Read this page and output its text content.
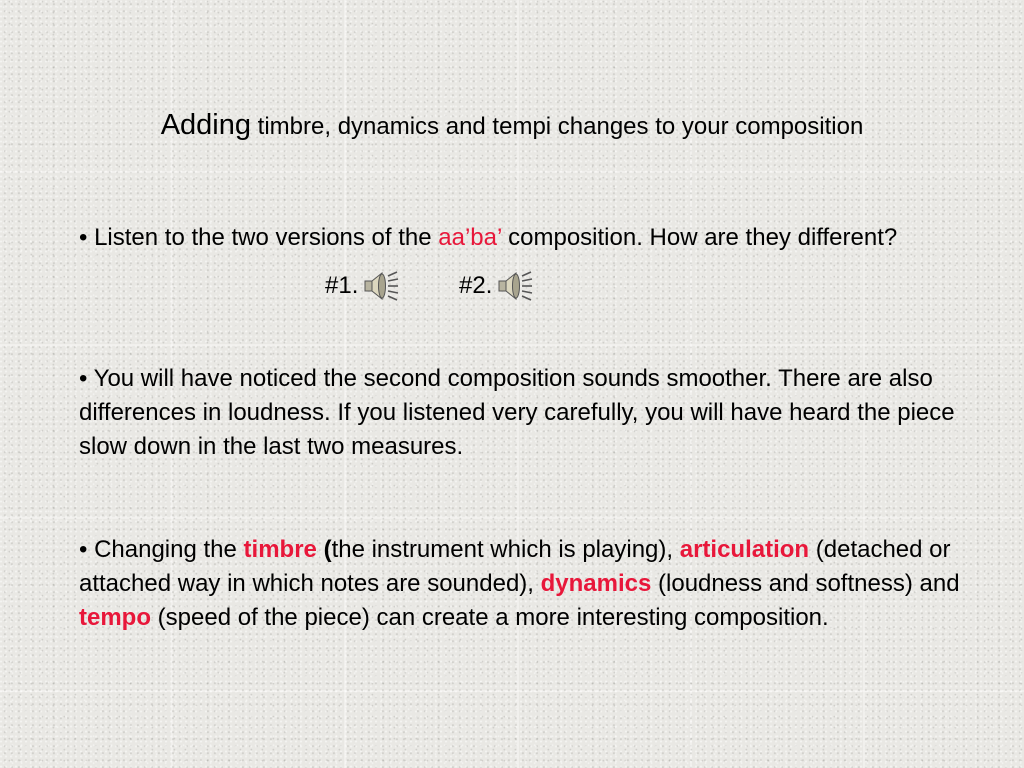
Adding timbre, dynamics and tempi changes to your composition
• Listen to the two versions of the aa’ba’ composition. How are they different?
#1.	#2.
• You will have noticed the second composition sounds smoother. There are also differences in loudness. If you listened very carefully, you will have heard the piece slow down in the last two measures.
• Changing the timbre (the instrument which is playing), articulation (detached or attached way in which notes are sounded), dynamics (loudness and softness) and tempo (speed of the piece) can create a more interesting composition.
